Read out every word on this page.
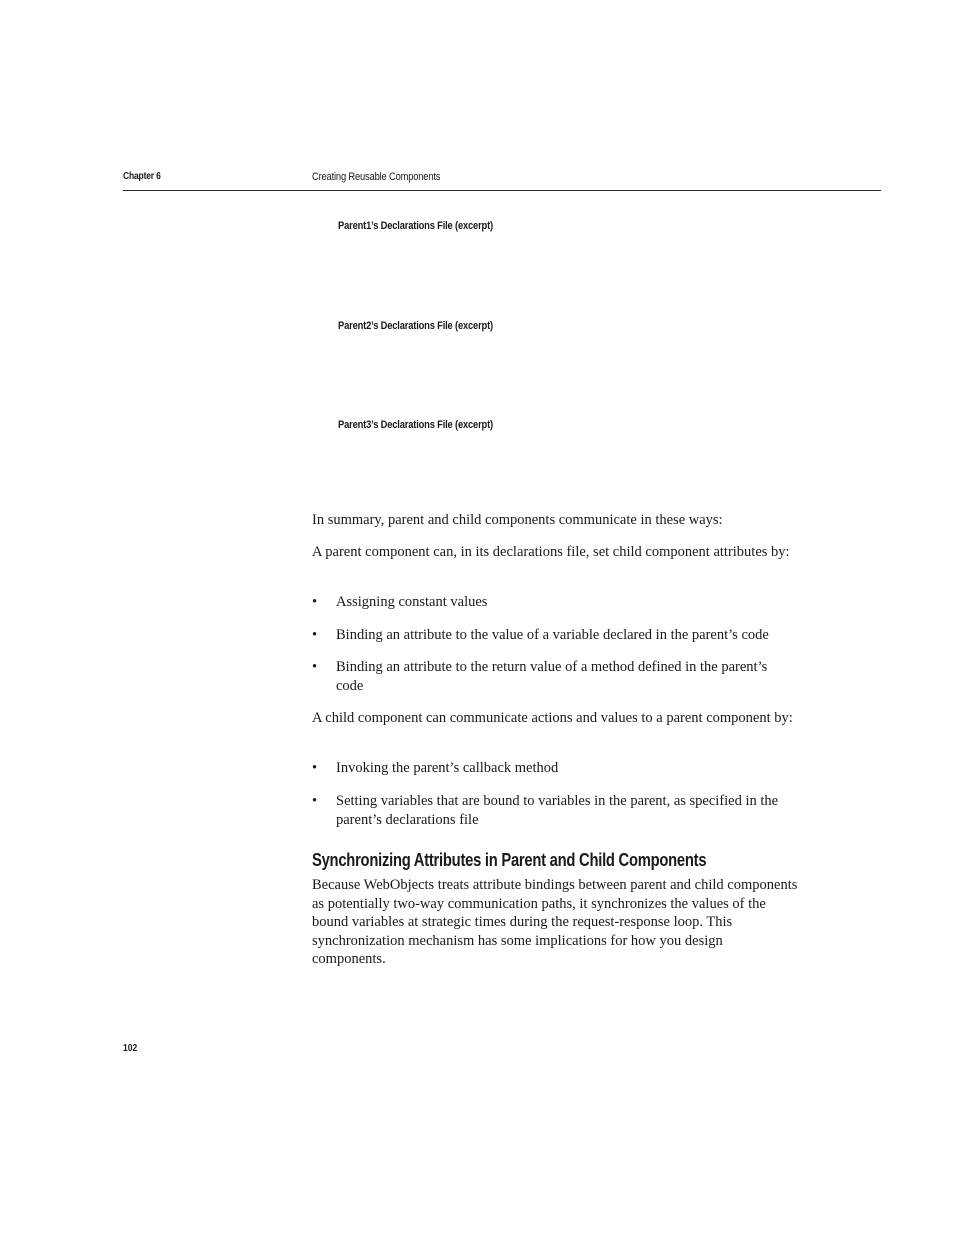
Chapter 6	Creating Reusable Components
Parent1’s Declarations File (excerpt)
Parent2’s Declarations File (excerpt)
Parent3’s Declarations File (excerpt)

In summary, parent and child components communicate in these ways:

A parent component can, in its declarations file, set child component attributes by:

• Assigning constant values
• Binding an attribute to the value of a variable declared in the parent’s code
• Binding an attribute to the return value of a method defined in the parent’s code

A child component can communicate actions and values to a parent component by:

• Invoking the parent’s callback method
• Setting variables that are bound to variables in the parent, as specified in the parent’s declarations file
Synchronizing Attributes in Parent and Child Components

Because WebObjects treats attribute bindings between parent and child components as potentially two-way communication paths, it synchronizes the values of the bound variables at strategic times during the request-response loop. This synchronization mechanism has some implications for how you design components.

102
